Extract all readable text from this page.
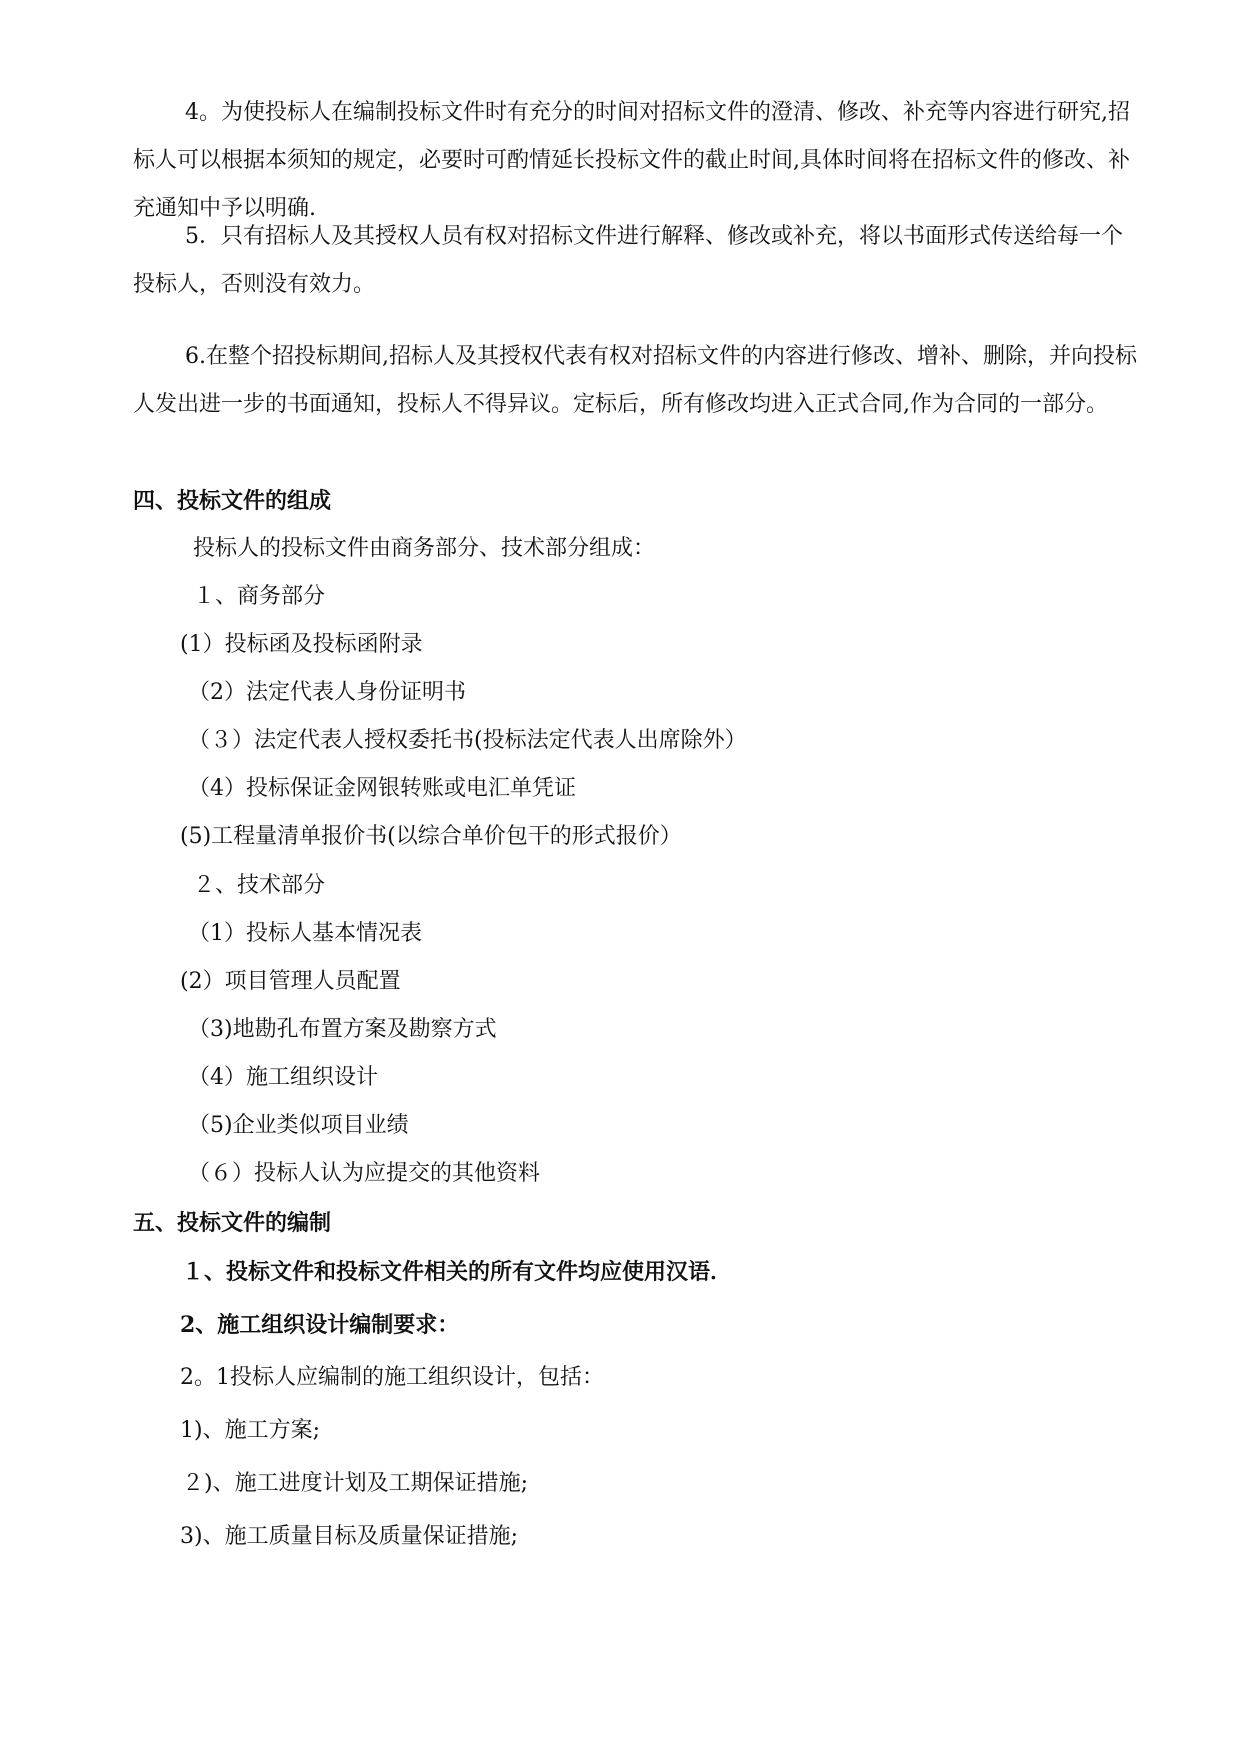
4。为使投标人在编制投标文件时有充分的时间对招标文件的澄清、修改、补充等内容进行研究,招标人可以根据本须知的规定，必要时可酌情延长投标文件的截止时间,具体时间将在招标文件的修改、补充通知中予以明确.

5．只有招标人及其授权人员有权对招标文件进行解释、修改或补充，将以书面形式传送给每一个投标人，否则没有效力。

6.在整个招投标期间,招标人及其授权代表有权对招标文件的内容进行修改、增补、删除，并向投标人发出进一步的书面通知，投标人不得异议。定标后，所有修改均进入正式合同,作为合同的一部分。

四、投标文件的组成
投标人的投标文件由商务部分、技术部分组成：
１、商务部分
(1）投标函及投标函附录
（2）法定代表人身份证明书
（３）法定代表人授权委托书(投标法定代表人出席除外）
（4）投标保证金网银转账或电汇单凭证
(5)工程量清单报价书(以综合单价包干的形式报价）
２、技术部分
（1）投标人基本情况表
(2）项目管理人员配置
（3)地勘孔布置方案及勘察方式
（4）施工组织设计
（5)企业类似项目业绩
（６）投标人认为应提交的其他资料
五、投标文件的编制
１、投标文件和投标文件相关的所有文件均应使用汉语．
2、施工组织设计编制要求：
2。1投标人应编制的施工组织设计，包括：
1)、施工方案;
２)、施工进度计划及工期保证措施;
3)、施工质量目标及质量保证措施;
